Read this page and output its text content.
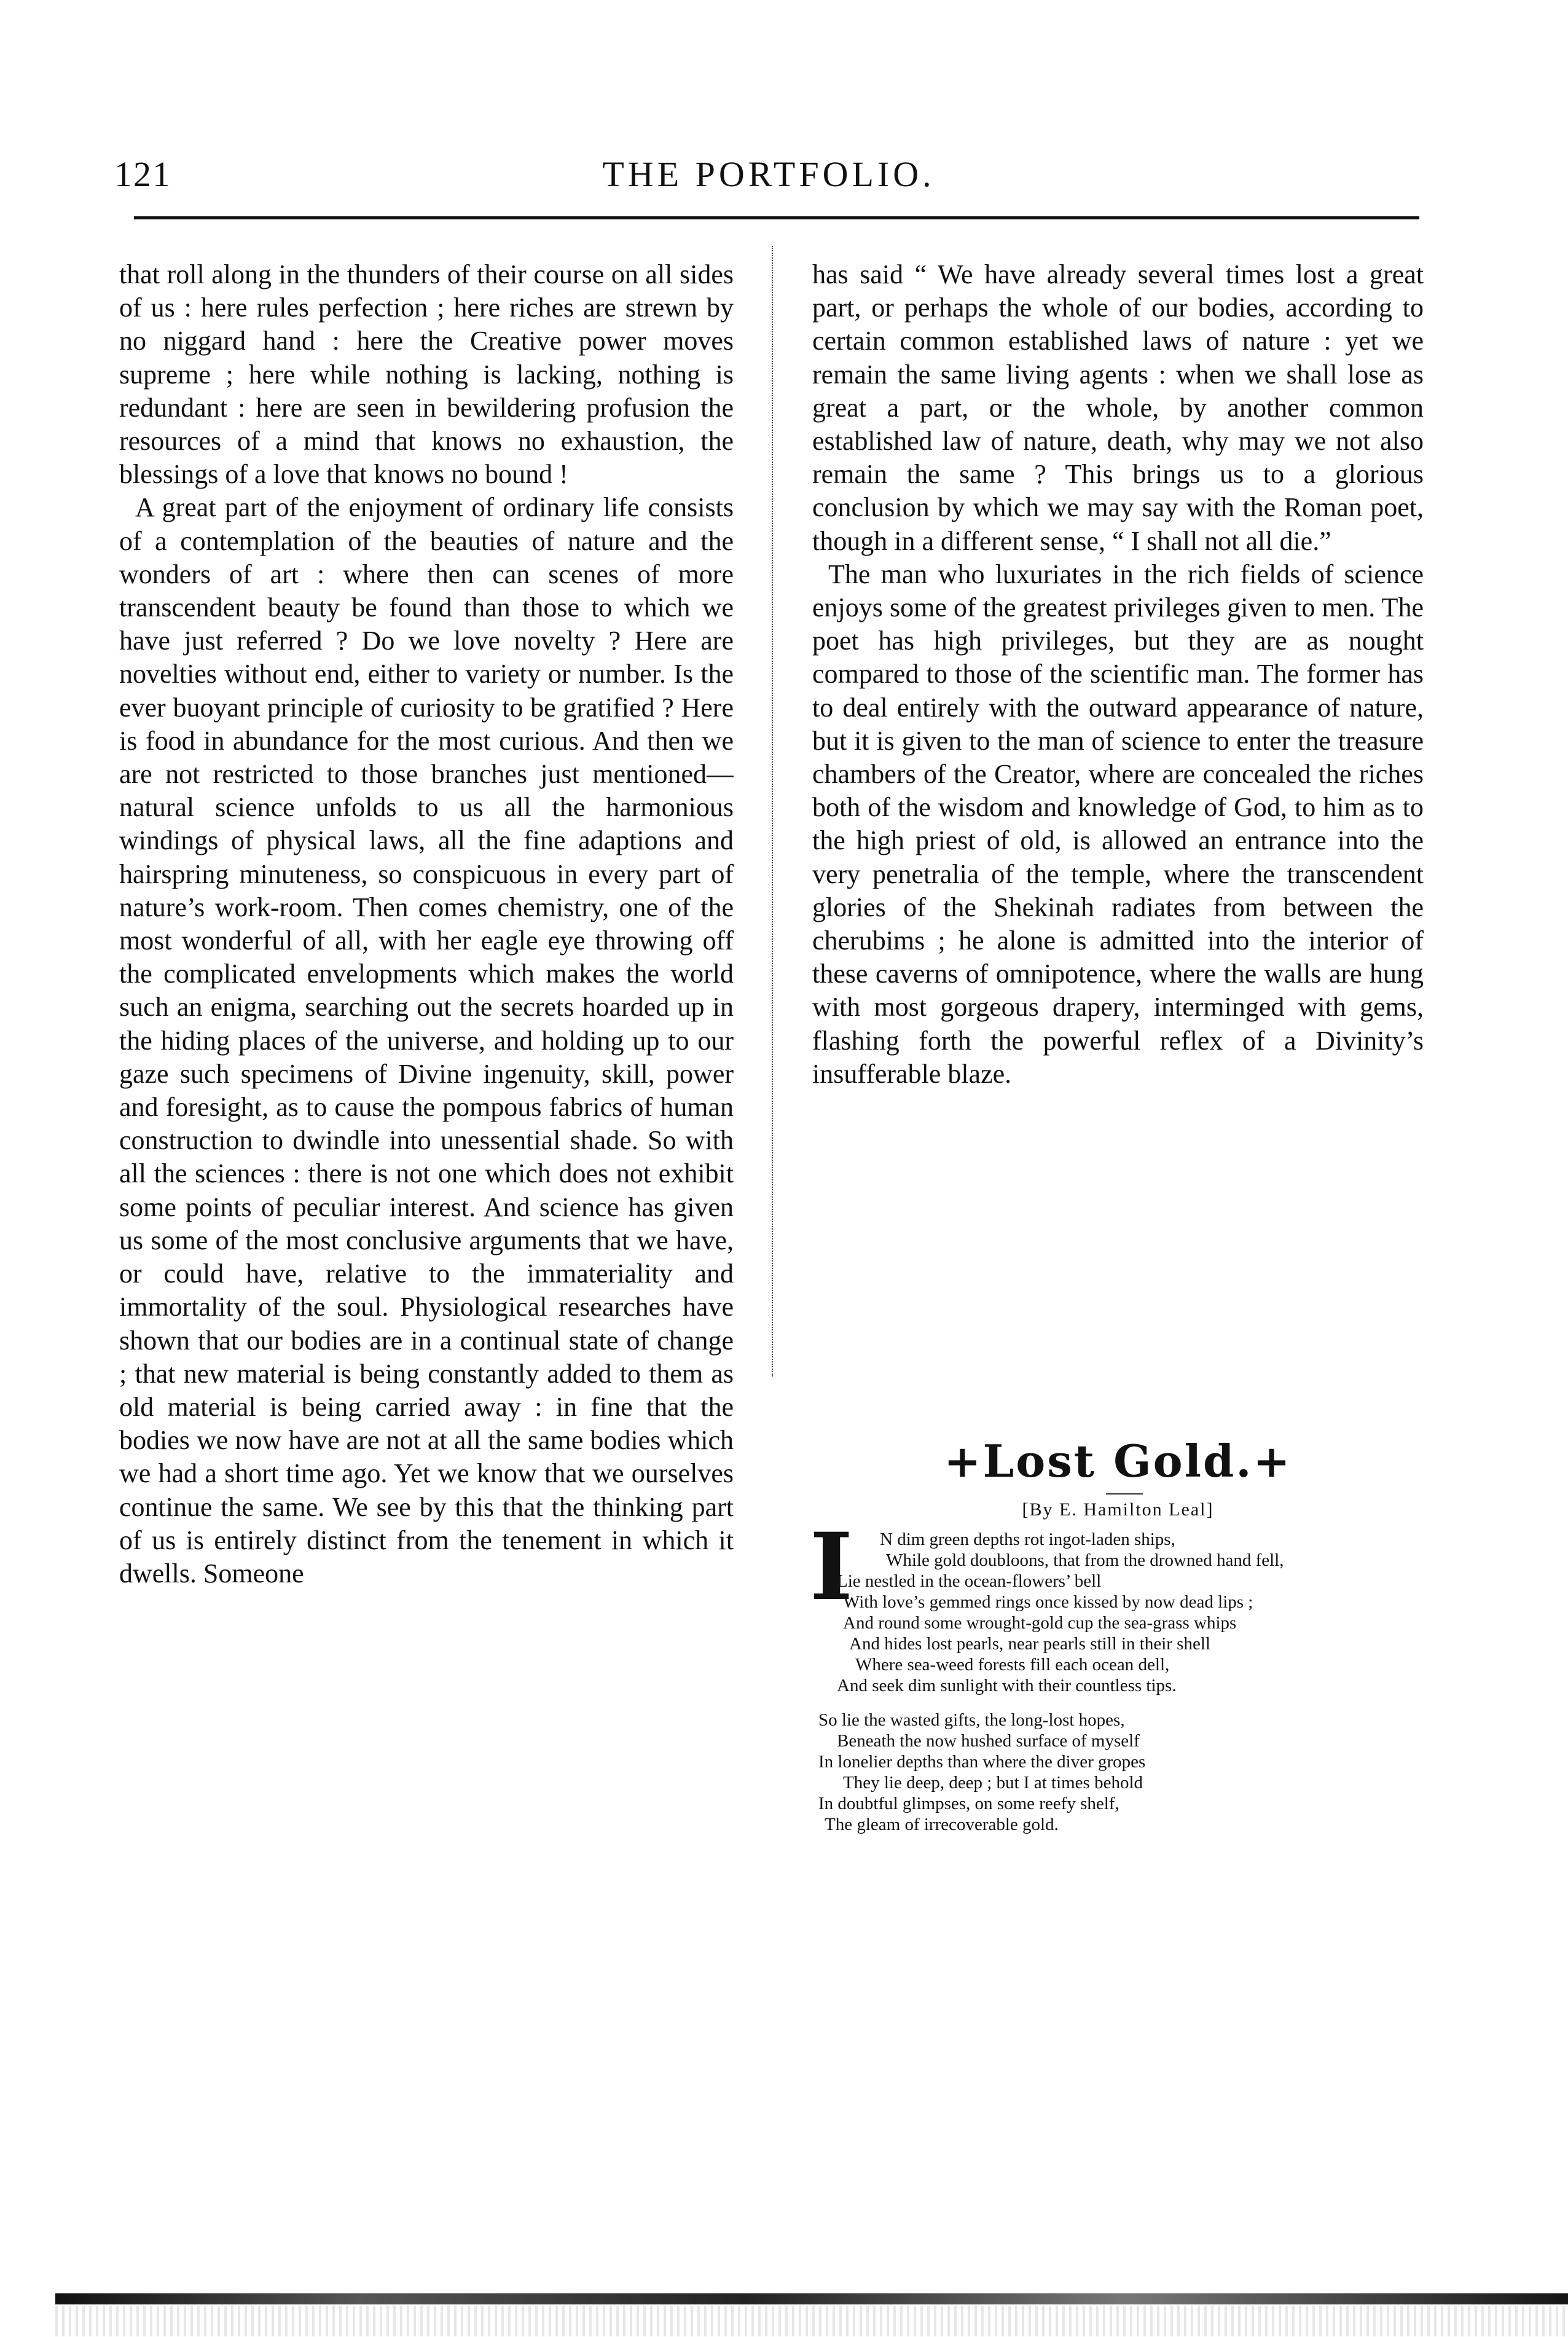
121	THE PORTFOLIO.

that roll along in the thunders of their course on all sides of us : here rules perfection ; here riches are strewn by no niggard hand : here the Creative power moves supreme ; here while nothing is lacking, nothing is redundant : here are seen in bewildering profusion the resources of a mind that knows no exhaustion, the blessings of a love that knows no bound !

A great part of the enjoyment of ordinary life consists of a contemplation of the beauties of nature and the wonders of art : where then can scenes of more transcendent beauty be found than those to which we have just referred ? Do we love novelty ? Here are novelties without end, either to variety or number. Is the ever buoyant principle of curiosity to be gratified ? Here is food in abundance for the most curious. And then we are not restricted to those branches just mentioned—natural science unfolds to us all the harmonious windings of physical laws, all the fine adaptions and hairspring minuteness, so conspicuous in every part of nature’s work-room. Then comes chemistry, one of the most wonderful of all, with her eagle eye throwing off the complicated envelopments which makes the world such an enigma, searching out the secrets hoarded up in the hiding places of the universe, and holding up to our gaze such specimens of Divine ingenuity, skill, power and foresight, as to cause the pompous fabrics of human construction to dwindle into unessential shade. So with all the sciences : there is not one which does not exhibit some points of peculiar interest. And science has given us some of the most conclusive arguments that we have, or could have, relative to the immateriality and immortality of the soul. Physiological researches have shown that our bodies are in a continual state of change ; that new material is being constantly added to them as old material is being carried away : in fine that the bodies we now have are not at all the same bodies which we had a short time ago. Yet we know that we ourselves continue the same. We see by this that the thinking part of us is entirely distinct from the tenement in which it dwells. Someone

has said “ We have already several times lost a great part, or perhaps the whole of our bodies, according to certain common established laws of nature : yet we remain the same living agents : when we shall lose as great a part, or the whole, by another common established law of nature, death, why may we not also remain the same ? This brings us to a glorious conclusion by which we may say with the Roman poet, though in a different sense, “ I shall not all die.”

The man who luxuriates in the rich fields of science enjoys some of the greatest privileges given to men. The poet has high privileges, but they are as nought compared to those of the scientific man. The former has to deal entirely with the outward appearance of nature, but it is given to the man of science to enter the treasure chambers of the Creator, where are concealed the riches both of the wisdom and knowledge of God, to him as to the high priest of old, is allowed an entrance into the very penetralia of the temple, where the transcendent glories of the Shekinah radiates from between the cherubims ; he alone is admitted into the interior of these caverns of omnipotence, where the walls are hung with most gorgeous drapery, interminged with gems, flashing forth the powerful reflex of a Divinity’s insufferable blaze.

+Lost Gold.+
[By E. Hamilton Leal]
I	N dim green depths rot ingot-laden ships,
While gold doubloons, that from the drowned hand fell,
Lie nestled in the ocean-flowers’ bell
With love’s gemmed rings once kissed by now dead lips ;
And round some wrought-gold cup the sea-grass whips
And hides lost pearls, near pearls still in their shell
Where sea-weed forests fill each ocean dell,
And seek dim sunlight with their countless tips.
So lie the wasted gifts, the long-lost hopes,
Beneath the now hushed surface of myself
In lonelier depths than where the diver gropes
They lie deep, deep ; but I at times behold
In doubtful glimpses, on some reefy shelf,
The gleam of irrecoverable gold.
